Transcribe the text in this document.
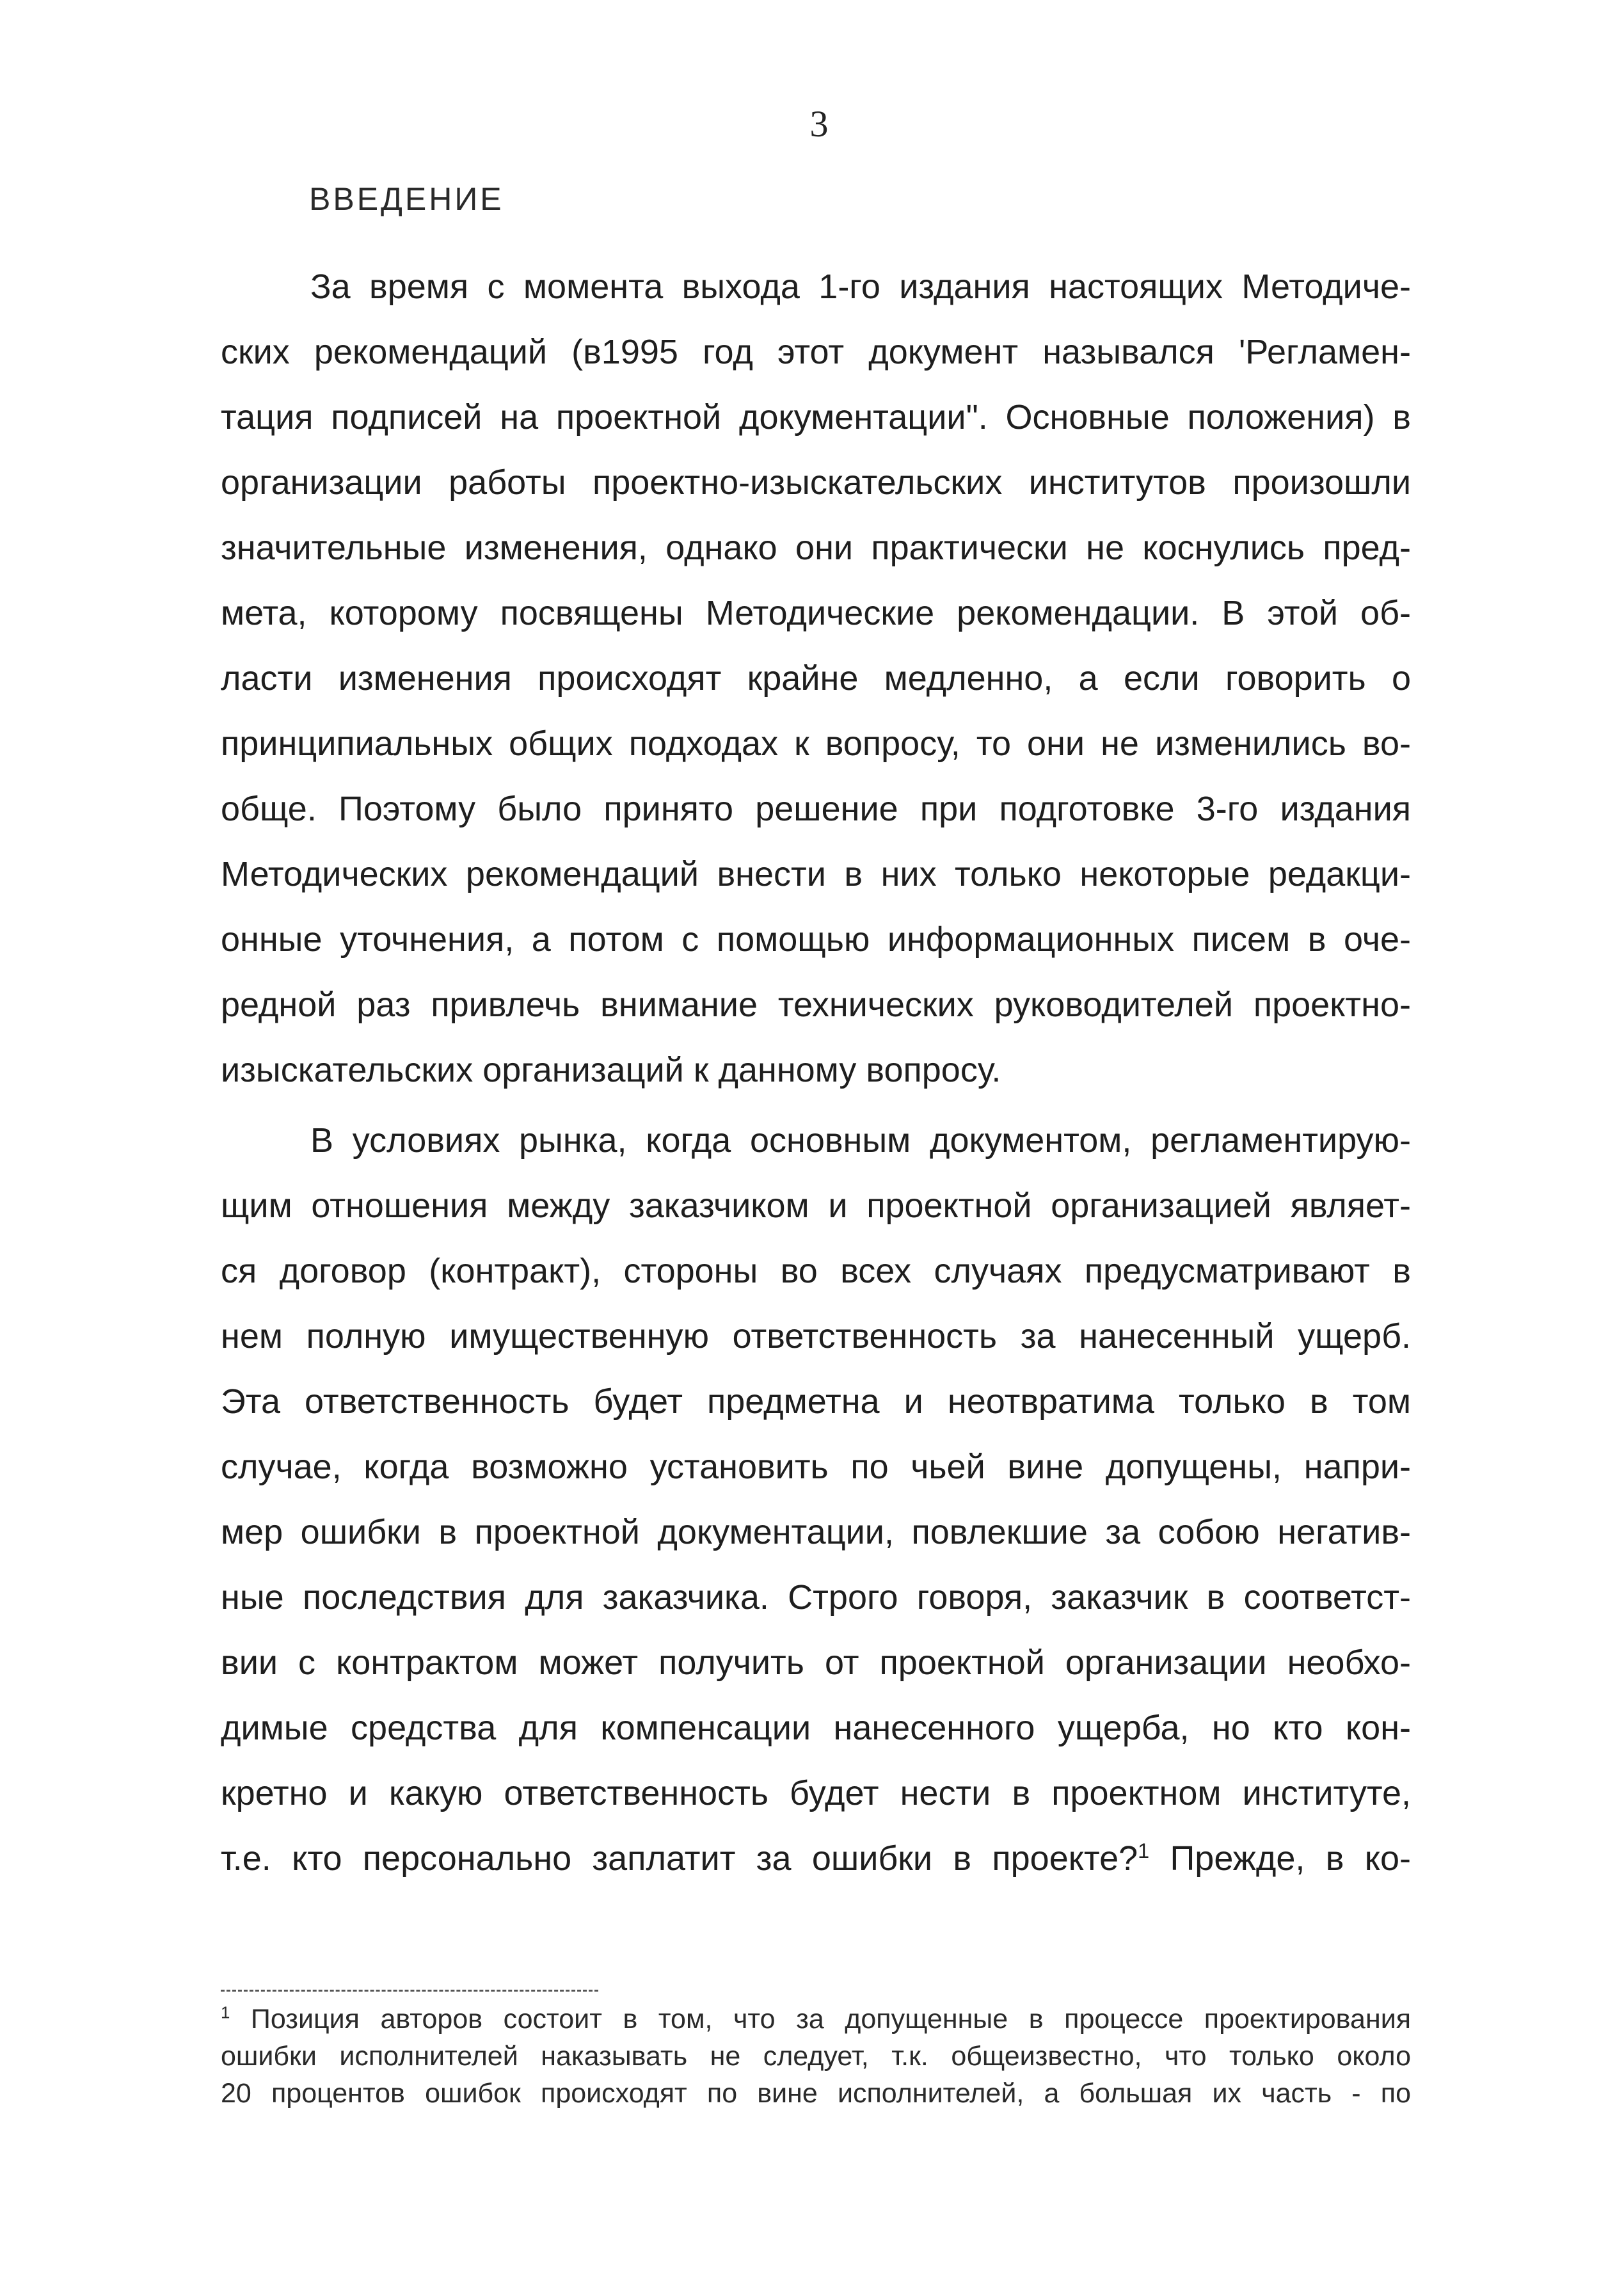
3
ВВЕДЕНИЕ
За время с момента выхода 1-го издания настоящих Методиче-
ских рекомендаций (в1995 год этот документ назывался 'Регламен-
тация подписей на проектной документации". Основные положения) в
организации работы проектно-изыскательских институтов произошли
значительные изменения, однако они практически не коснулись пред-
мета, которому посвящены Методические рекомендации. В этой об-
ласти изменения происходят крайне медленно, а если говорить о
принципиальных общих подходах к вопросу, то они не изменились во-
обще. Поэтому было принято решение при подготовке 3-го издания
Методических рекомендаций внести в них только некоторые редакци-
онные уточнения, а потом с помощью информационных писем в оче-
редной раз привлечь внимание технических руководителей проектно-
изыскательских организаций к данному вопросу.
В условиях рынка, когда основным документом, регламентирую-
щим отношения между заказчиком и проектной организацией являет-
ся договор (контракт), стороны во всех случаях предусматривают в
нем полную имущественную ответственность за нанесенный ущерб.
Эта ответственность будет предметна и неотвратима только в том
случае, когда возможно установить по чьей вине допущены, напри-
мер ошибки в проектной документации, повлекшие за собою негатив-
ные последствия для заказчика. Строго говоря, заказчик в соответст-
вии с контрактом может получить от проектной организации необхо-
димые средства для компенсации нанесенного ущерба, но кто кон-
кретно и какую ответственность будет нести в проектном институте,
т.е. кто персонально заплатит за ошибки в проекте?$^1$ Прежде, в ко-
$^1$ Позиция авторов состоит в том, что за допущенные в процессе проектирования
ошибки исполнителей наказывать не следует, т.к. общеизвестно, что только около
20 процентов ошибок происходят по вине исполнителей, а большая их часть - по
